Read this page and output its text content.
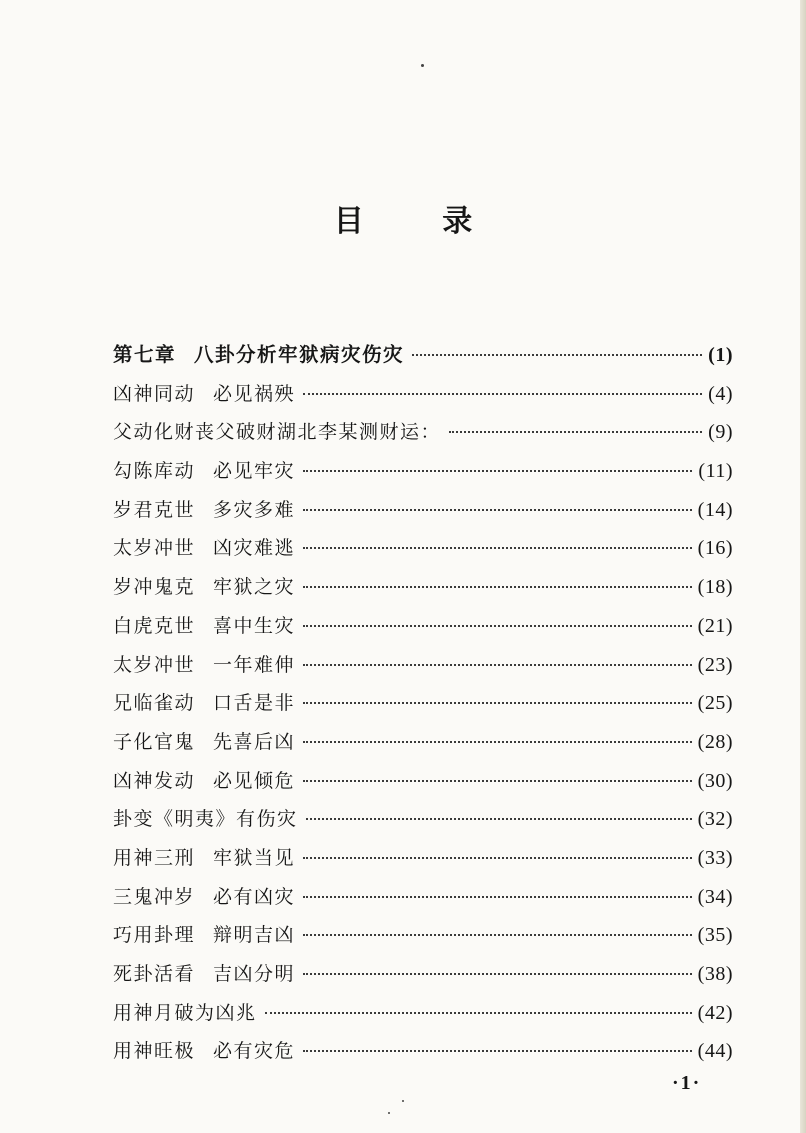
目 录
第七章 八卦分析牢狱病灾伤灾	(1)
凶神同动 必见祸殃	(4)
父动化财丧父破财湖北李某测财运：	(9)
勾陈库动 必见牢灾	(11)
岁君克世 多灾多难	(14)
太岁冲世 凶灾难逃	(16)
岁冲鬼克 牢狱之灾	(18)
白虎克世 喜中生灾	(21)
太岁冲世 一年难伸	(23)
兄临雀动 口舌是非	(25)
子化官鬼 先喜后凶	(28)
凶神发动 必见倾危	(30)
卦变《明夷》有伤灾	(32)
用神三刑 牢狱当见	(33)
三鬼冲岁 必有凶灾	(34)
巧用卦理 辩明吉凶	(35)
死卦活看 吉凶分明	(38)
用神月破为凶兆	(42)
用神旺极 必有灾危	(44)

·1·
